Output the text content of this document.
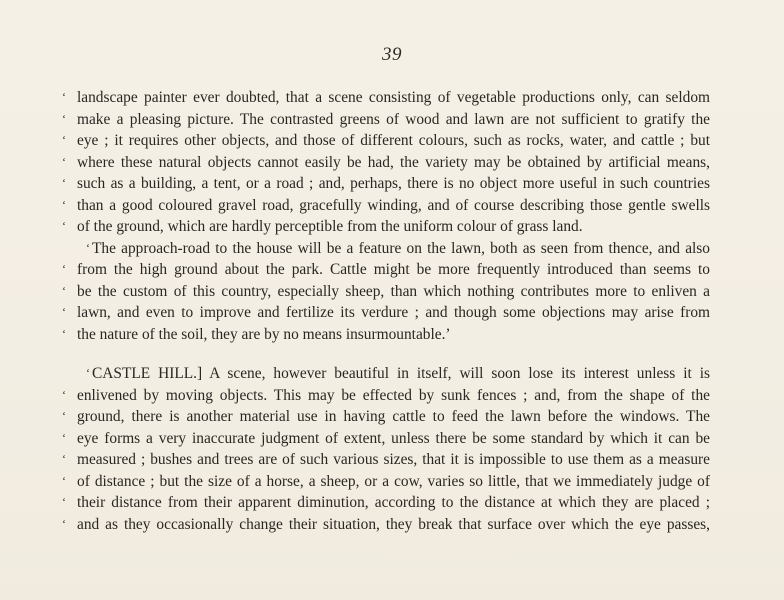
39
‘ landscape painter ever doubted, that a scene consisting of vegetable productions only, can seldom
‘ make a pleasing picture. The contrasted greens of wood and lawn are not sufficient to gratify the
‘ eye ; it requires other objects, and those of different colours, such as rocks, water, and cattle ; but
‘ where these natural objects cannot easily be had, the variety may be obtained by artificial means,
‘ such as a building, a tent, or a road ; and, perhaps, there is no object more useful in such countries
‘ than a good coloured gravel road, gracefully winding, and of course describing those gentle swells
‘ of the ground, which are hardly perceptible from the uniform colour of grass land.
‘ The approach-road to the house will be a feature on the lawn, both as seen from thence, and also
‘ from the high ground about the park. Cattle might be more frequently introduced than seems to
‘ be the custom of this country, especially sheep, than which nothing contributes more to enliven a
‘ lawn, and even to improve and fertilize its verdure ; and though some objections may arise from
‘ the nature of the soil, they are by no means insurmountable.’
‘ CASTLE HILL.] A scene, however beautiful in itself, will soon lose its interest unless it is
‘ enlivened by moving objects. This may be effected by sunk fences ; and, from the shape of the
‘ ground, there is another material use in having cattle to feed the lawn before the windows. The
‘ eye forms a very inaccurate judgment of extent, unless there be some standard by which it can be
‘ measured ; bushes and trees are of such various sizes, that it is impossible to use them as a measure
‘ of distance ; but the size of a horse, a sheep, or a cow, varies so little, that we immediately judge of
‘ their distance from their apparent diminution, according to the distance at which they are placed ;
‘ and as they occasionally change their situation, they break that surface over which the eye passes,
